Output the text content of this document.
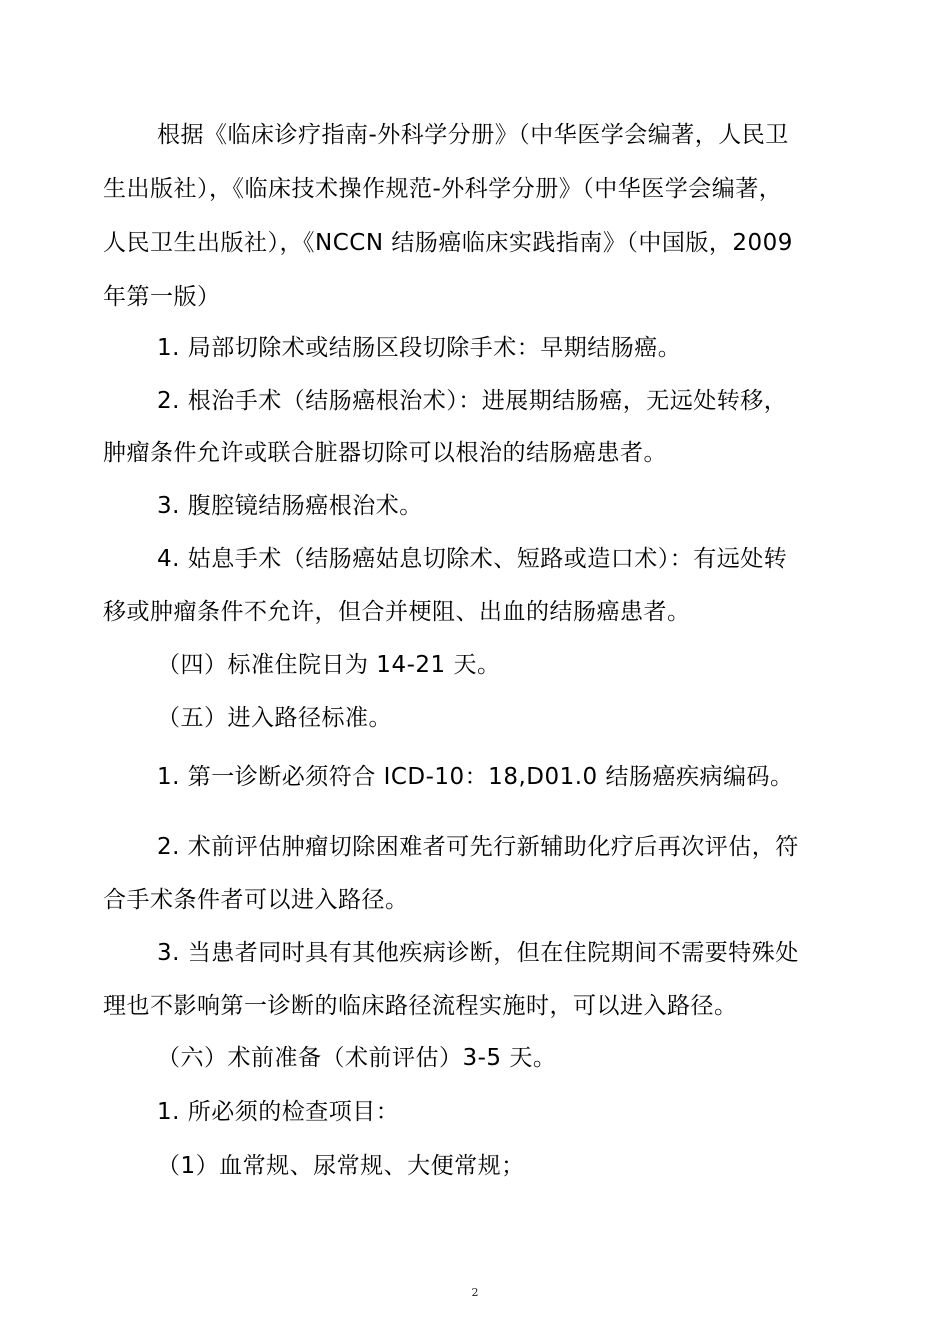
根据《临床诊疗指南-外科学分册》（中华医学会编著，人民卫
生出版社），《临床技术操作规范-外科学分册》（中华医学会编著，
人民卫生出版社），《NCCN 结肠癌临床实践指南》（中国版，2009
年第一版）
1. 局部切除术或结肠区段切除手术：早期结肠癌。
2. 根治手术（结肠癌根治术）：进展期结肠癌，无远处转移，
肿瘤条件允许或联合脏器切除可以根治的结肠癌患者。
3. 腹腔镜结肠癌根治术。
4. 姑息手术（结肠癌姑息切除术、短路或造口术）：有远处转
移或肿瘤条件不允许，但合并梗阻、出血的结肠癌患者。
（四）标准住院日为 14-21 天。
（五）进入路径标准。
1. 第一诊断必须符合 ICD-10：18,D01.0 结肠癌疾病编码。
2. 术前评估肿瘤切除困难者可先行新辅助化疗后再次评估，符
合手术条件者可以进入路径。
3. 当患者同时具有其他疾病诊断，但在住院期间不需要特殊处
理也不影响第一诊断的临床路径流程实施时，可以进入路径。
（六）术前准备（术前评估）3-5 天。
1. 所必须的检查项目：
（1）血常规、尿常规、大便常规；
2
